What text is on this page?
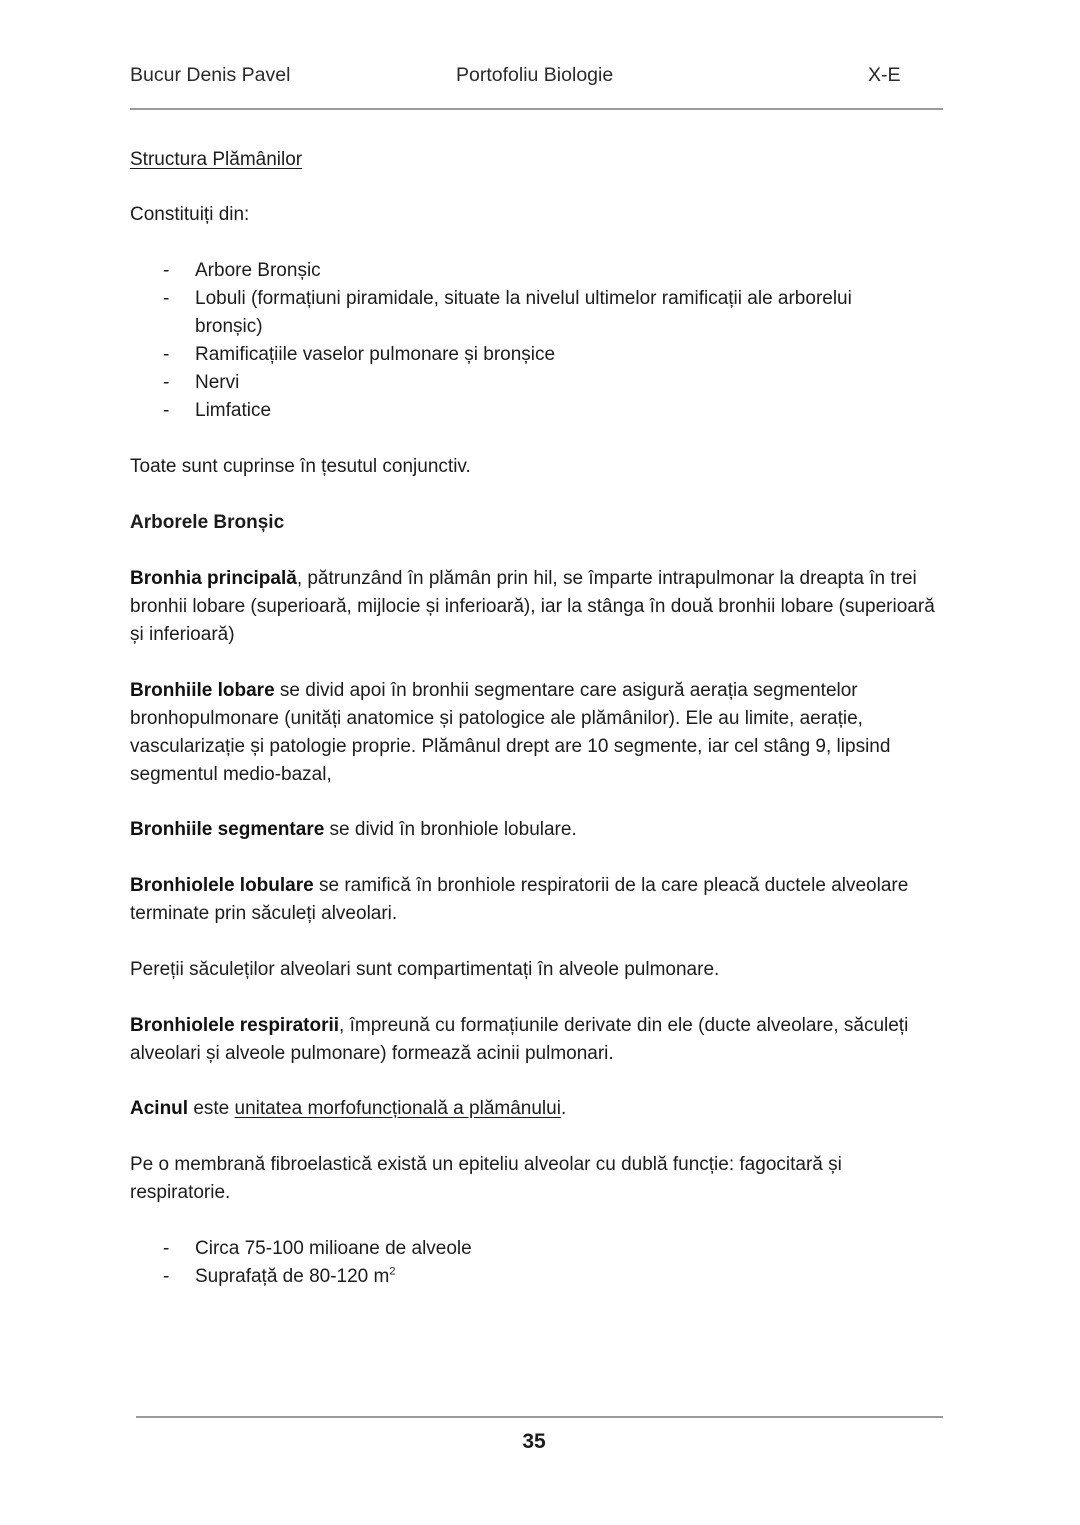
Bucur Denis Pavel	Portofoliu Biologie	X-E
Structura Plămânilor
Constituiți din:
- Arbore Bronșic
- Lobuli (formațiuni piramidale, situate la nivelul ultimelor ramificații ale arborelui bronșic)
- Ramificațiile vaselor pulmonare și bronșice
- Nervi
- Limfatice
Toate sunt cuprinse în țesutul conjunctiv.
Arborele Bronșic
Bronhia principală, pătrunzând în plămân prin hil, se împarte intrapulmonar la dreapta în trei bronhii lobare (superioară, mijlocie și inferioară), iar la stânga în două bronhii lobare (superioară și inferioară)
Bronhiile lobare se divid apoi în bronhii segmentare care asigură aerația segmentelor bronhopulmonare (unități anatomice și patologice ale plămânilor). Ele au limite, aerație, vascularizație și patologie proprie. Plămânul drept are 10 segmente, iar cel stâng 9, lipsind segmentul medio-bazal,
Bronhiile segmentare se divid în bronhiole lobulare.
Bronhiolele lobulare se ramifică în bronhiole respiratorii de la care pleacă ductele alveolare terminate prin săculeți alveolari.
Pereții săculeților alveolari sunt compartimentați în alveole pulmonare.
Bronhiolele respiratorii, împreună cu formațiunile derivate din ele (ducte alveolare, săculeți alveolari și alveole pulmonare) formează acinii pulmonari.
Acinul este unitatea morfofuncțională a plămânului.
Pe o membrană fibroelastică există un epiteliu alveolar cu dublă funcție: fagocitară și respiratorie.
- Circa 75-100 milioane de alveole
- Suprafață de 80-120 $m^2$
35
